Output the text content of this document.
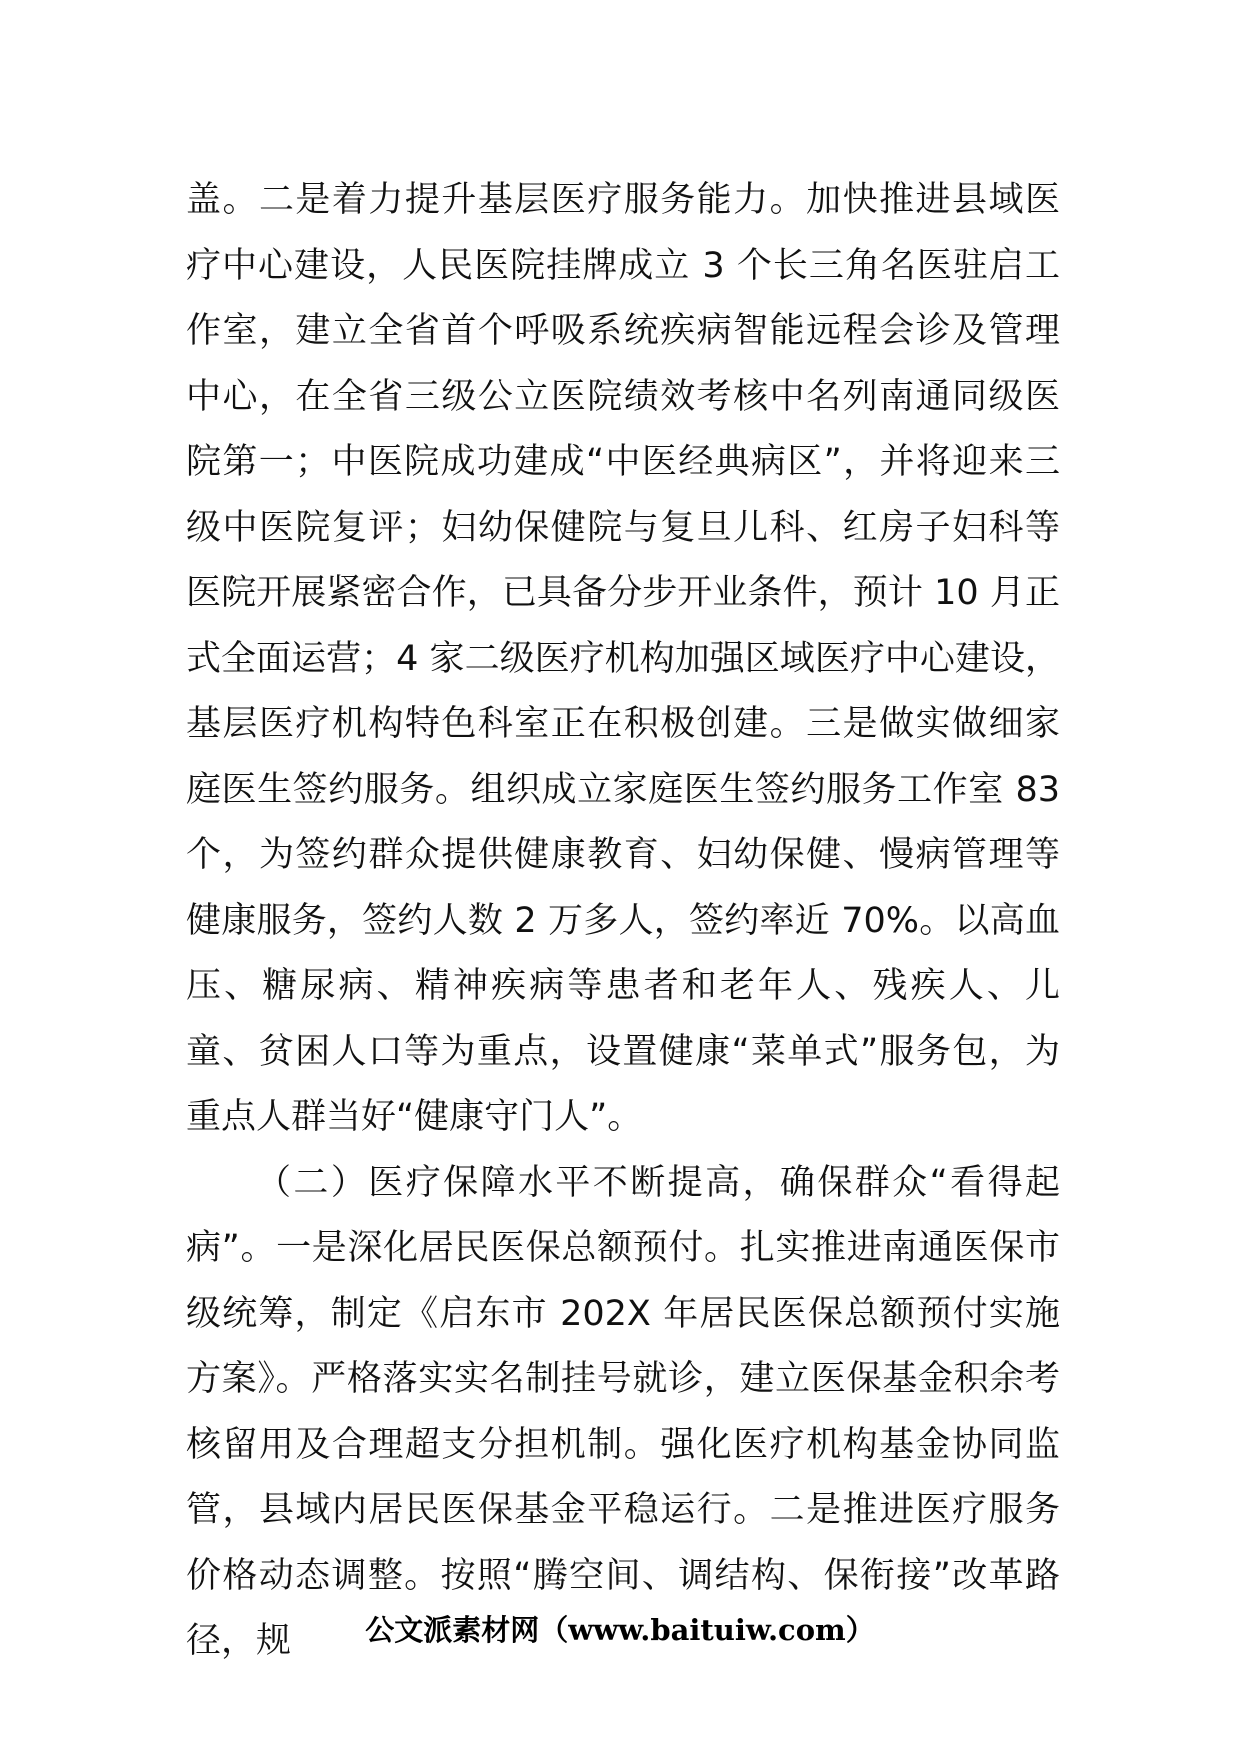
盖。二是着力提升基层医疗服务能力。加快推进县域医疗中心建设，人民医院挂牌成立 3 个长三角名医驻启工作室，建立全省首个呼吸系统疾病智能远程会诊及管理中心，在全省三级公立医院绩效考核中名列南通同级医院第一；中医院成功建成“中医经典病区”，并将迎来三级中医院复评；妇幼保健院与复旦儿科、红房子妇科等医院开展紧密合作，已具备分步开业条件，预计 10 月正式全面运营；4 家二级医疗机构加强区域医疗中心建设，基层医疗机构特色科室正在积极创建。三是做实做细家庭医生签约服务。组织成立家庭医生签约服务工作室 83 个，为签约群众提供健康教育、妇幼保健、慢病管理等健康服务，签约人数 2 万多人，签约率近 70%。以高血压、糖尿病、精神疾病等患者和老年人、残疾人、儿童、贫困人口等为重点，设置健康“菜单式”服务包，为重点人群当好“健康守门人”。

（二）医疗保障水平不断提高，确保群众“看得起病”。一是深化居民医保总额预付。扎实推进南通医保市级统筹，制定《启东市 202X 年居民医保总额预付实施方案》。严格落实实名制挂号就诊，建立医保基金积余考核留用及合理超支分担机制。强化医疗机构基金协同监管，县域内居民医保基金平稳运行。二是推进医疗服务价格动态调整。按照“腾空间、调结构、保衔接”改革路径，规	公文派素材网（www.baituiw.com）
